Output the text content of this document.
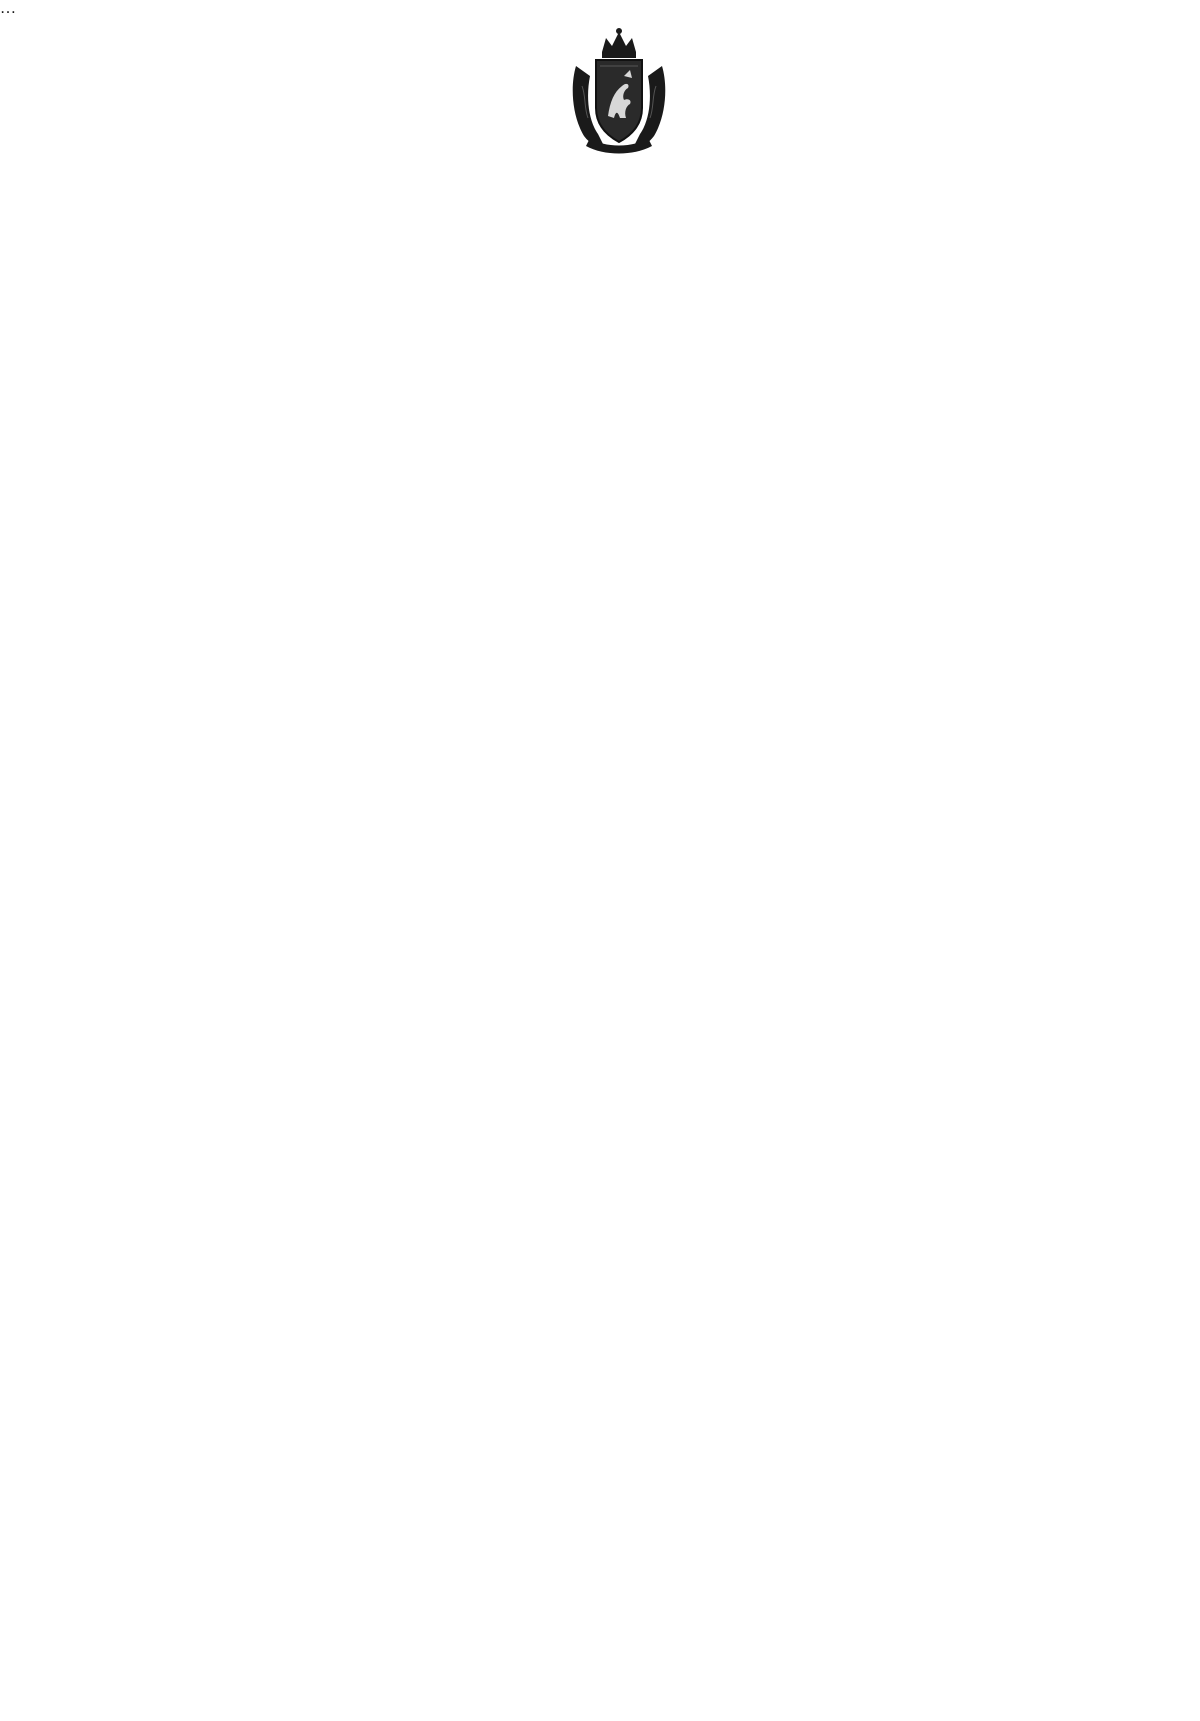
…
